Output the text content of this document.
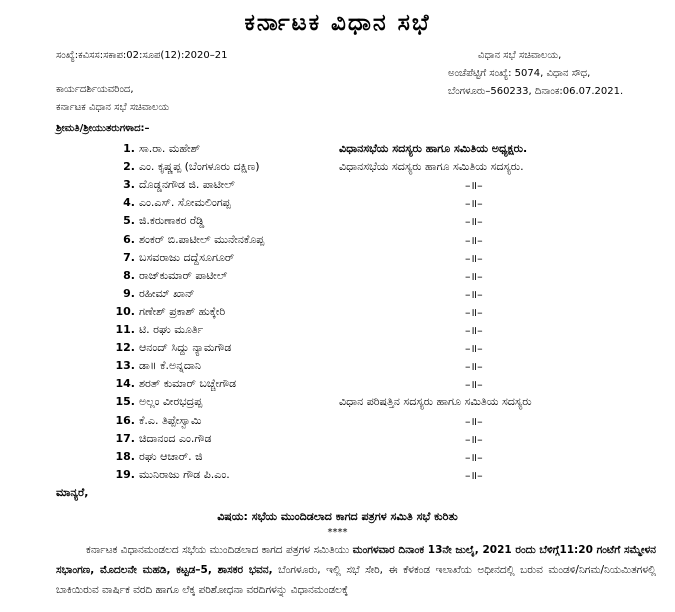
ಕರ್ನಾಟಕ ವಿಧಾನ ಸಭೆ
ಸಂಖ್ಯೆ:ಕವಿಸಸ:ಸಕಾಪ:02:ಸೂಪ(12):2020–21	ವಿಧಾನ ಸಭೆ ಸಚಿವಾಲಯ,
ಅಂಚೆಪೆಟ್ಟಿಗೆ ಸಂಖ್ಯೆ: 5074, ವಿಧಾನ ಸೌಧ,
ಬೆಂಗಳೂರು–560233, ದಿನಾಂಕ:06.07.2021.
ಕಾರ್ಯದರ್ಶಿಯವರಿಂದ,
ಕರ್ನಾಟಕ ವಿಧಾನ ಸಭೆ ಸಚಿವಾಲಯ
ಶ್ರೀಮತಿ/ಶ್ರೀಯುತರುಗಳಾದ:–
1. ಸಾ.ರಾ. ಮಹೇಶ್	ವಿಧಾನಸಭೆಯ ಸದಸ್ಯರು ಹಾಗೂ ಸಮಿತಿಯ ಅಧ್ಯಕ್ಷರು.
2. ಎಂ. ಕೃಷ್ಣಪ್ಪ (ಬೆಂಗಳೂರು ದಕ್ಷಿಣ)	ವಿಧಾನಸಭೆಯ ಸದಸ್ಯರು ಹಾಗೂ ಸಮಿತಿಯ ಸದಸ್ಯರು.
3. ದೊಡ್ಡನಗೌಡ ಜಿ. ಪಾಟೀಲ್	–॥–
4. ಎಂ.ಎಸ್. ಸೋಮಲಿಂಗಪ್ಪ	–॥–
5. ಜಿ.ಕರುಣಾಕರ ರೆಡ್ಡಿ	–॥–
6. ಶಂಕರ್ ಬಿ.ಪಾಟೀಲ್ ಮುನೇನಕೊಪ್ಪ	–॥–
7. ಬಸವರಾಜು ದದ್ದೆಸೂಗೂರ್	–॥–
8. ರಾಜ್‌ಕುಮಾರ್ ಪಾಟೀಲ್	–॥–
9. ರಹೀಮ್ ಖಾನ್	–॥–
10. ಗಣೇಶ್ ಪ್ರಕಾಶ್ ಹುಕ್ಕೇರಿ	–॥–
11. ಟಿ. ರಘು ಮೂರ್ತಿ	–॥–
12. ಆನಂದ್ ಸಿದ್ದು ನ್ಯಾಮಗೌಡ	–॥–
13. ಡಾ॥ ಕೆ.ಅನ್ನದಾನಿ	–॥–
14. ಶರತ್ ಕುಮಾರ್ ಬಚ್ಚೇಗೌಡ	–॥–
15. ಅಲ್ಲಂ ವೀರಭದ್ರಪ್ಪ	ವಿಧಾನ ಪರಿಷತ್ತಿನ ಸದಸ್ಯರು ಹಾಗೂ ಸಮಿತಿಯ ಸದಸ್ಯರು
16. ಕೆ.ಎ. ತಿಪ್ಪೇಸ್ವಾಮಿ	–॥–
17. ಚಿದಾನಂದ ಎಂ.ಗೌಡ	–॥–
18. ರಘು ಆಚಾರ್. ಜಿ	–॥–
19. ಮುನಿರಾಜು ಗೌಡ ಪಿ.ಎಂ.	–॥–
ಮಾನ್ಯರೆ,
ವಿಷಯ: ಸಭೆಯ ಮುಂದಿಡಲಾದ ಕಾಗದ ಪತ್ರಗಳ ಸಮಿತಿ ಸಭೆ ಕುರಿತು
****
ಕರ್ನಾಟಕ ವಿಧಾನಮಂಡಲದ ಸಭೆಯ ಮುಂದಿಡಲಾದ ಕಾಗದ ಪತ್ರಗಳ ಸಮಿತಿಯು ಮಂಗಳವಾರ ದಿನಾಂಕ 13ನೇ ಜುಲೈ, 2021 ರಂದು ಬೆಳಿಗ್ಗೆ11:20 ಗಂಟೆಗೆ ಸಮ್ಮೇಳನ ಸಭಾಂಗಣ, ಮೊದಲನೇ ಮಹಡಿ, ಕಟ್ಟಡ–5, ಶಾಸಕರ ಭವನ, ಬೆಂಗಳೂರು, ಇಲ್ಲಿ ಸಭೆ ಸೇರಿ, ಈ ಕೆಳಕಂಡ ಇಲಾಖೆಯ ಅಧೀನದಲ್ಲಿ ಬರುವ ಮಂಡಳಿ/ನಿಗಮ/ನಿಯಮಿತಗಳಲ್ಲಿ ಬಾಕಿಯಿರುವ ವಾರ್ಷಿಕ ವರದಿ ಹಾಗೂ ಲೆಕ್ಕ ಪರಿಶೋಧನಾ ವರದಿಗಳನ್ನು ವಿಧಾನಮಂಡಲಕ್ಕೆ
